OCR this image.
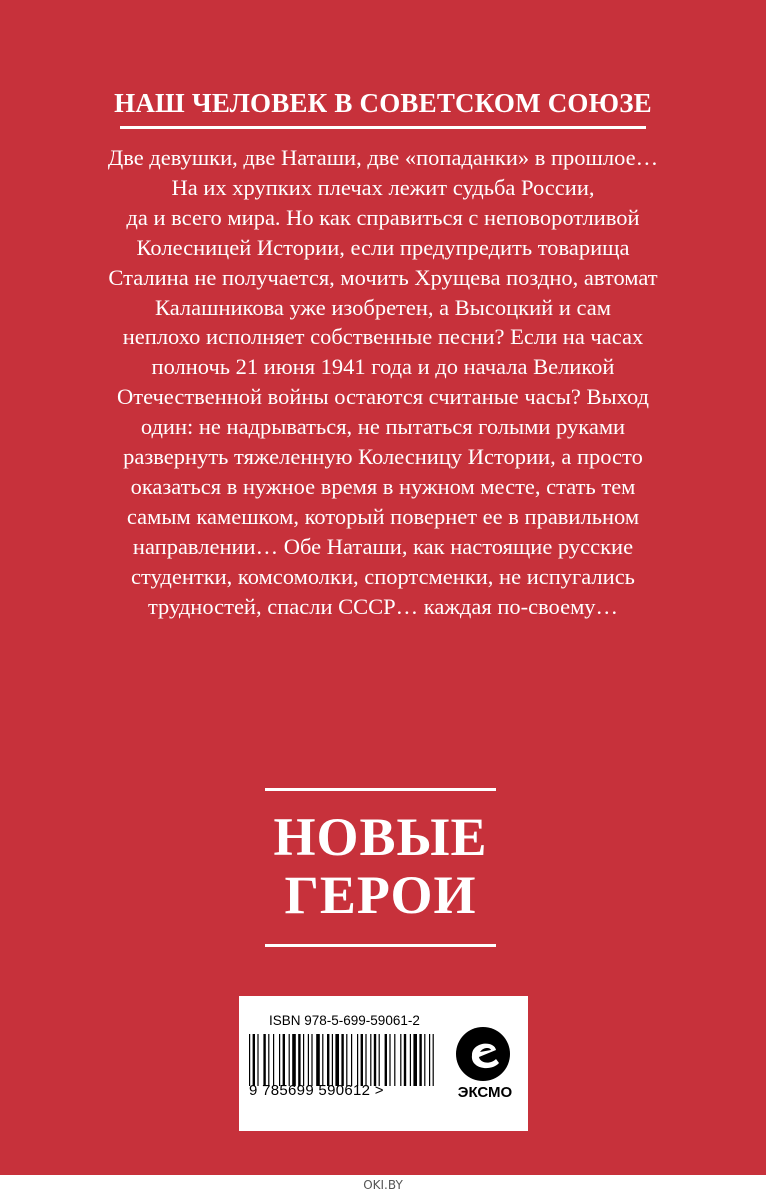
НАШ ЧЕЛОВЕК В СОВЕТСКОМ СОЮЗЕ
Две девушки, две Наташи, две «попаданки» в прошлое…
На их хрупких плечах лежит судьба России,
да и всего мира. Но как справиться с неповоротливой
Колесницей Истории, если предупредить товарища
Сталина не получается, мочить Хрущева поздно, автомат
Калашникова уже изобретен, а Высоцкий и сам
неплохо исполняет собственные песни? Если на часах
полночь 21 июня 1941 года и до начала Великой
Отечественной войны остаются считаные часы? Выход
один: не надрываться, не пытаться голыми руками
развернуть тяжеленную Колесницу Истории, а просто
оказаться в нужное время в нужном месте, стать тем
самым камешком, который повернет ее в правильном
направлении… Обе Наташи, как настоящие русские
студентки, комсомолки, спортсменки, не испугались
трудностей, спасли СССР… каждая по-своему…
НОВЫЕ
ГЕРОИ
ISBN 978-5-699-59061-2
9 785699 590612 >	ЭКСМО
OKI.BY
